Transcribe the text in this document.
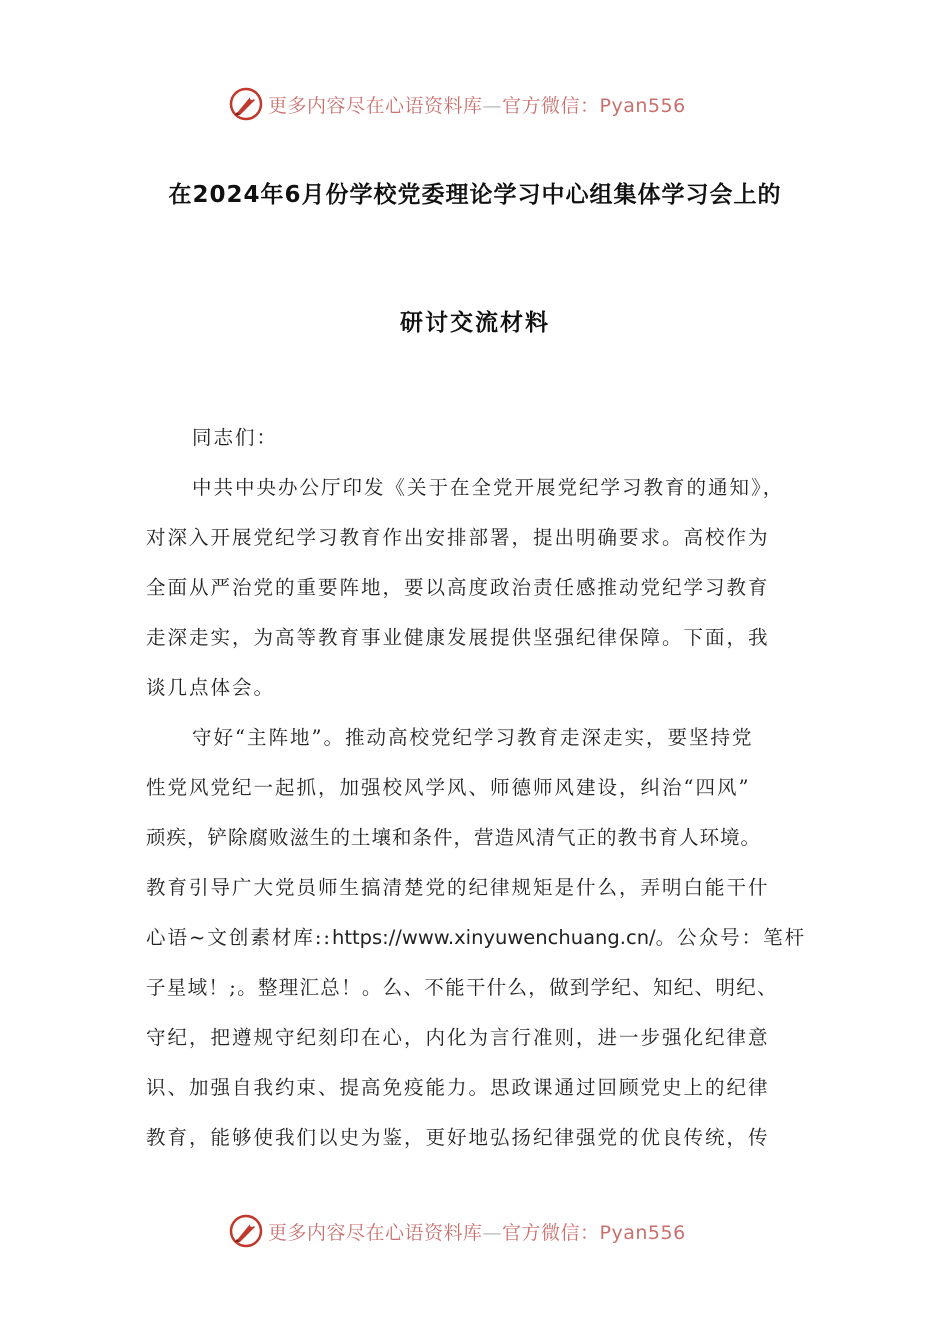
更多内容尽在心语资料库—官方微信：Pyan556
在2024年6月份学校党委理论学习中心组集体学习会上的
研讨交流材料
同志们：
中共中央办公厅印发《关于在全党开展党纪学习教育的通知》，
对深入开展党纪学习教育作出安排部署，提出明确要求。高校作为
全面从严治党的重要阵地，要以高度政治责任感推动党纪学习教育
走深走实，为高等教育事业健康发展提供坚强纪律保障。下面，我
谈几点体会。
守好“主阵地”。推动高校党纪学习教育走深走实，要坚持党
性党风党纪一起抓，加强校风学风、师德师风建设，纠治“四风”
顽疾，铲除腐败滋生的土壤和条件，营造风清气正的教书育人环境。
教育引导广大党员师生搞清楚党的纪律规矩是什么，弄明白能干什
心语~文创素材库::https://www.xinyuwenchuang.cn/。公众号：笔杆
子星域！;。整理汇总！。么、不能干什么，做到学纪、知纪、明纪、
守纪，把遵规守纪刻印在心，内化为言行准则，进一步强化纪律意
识、加强自我约束、提高免疫能力。思政课通过回顾党史上的纪律
教育，能够使我们以史为鉴，更好地弘扬纪律强党的优良传统，传
更多内容尽在心语资料库—官方微信：Pyan556
